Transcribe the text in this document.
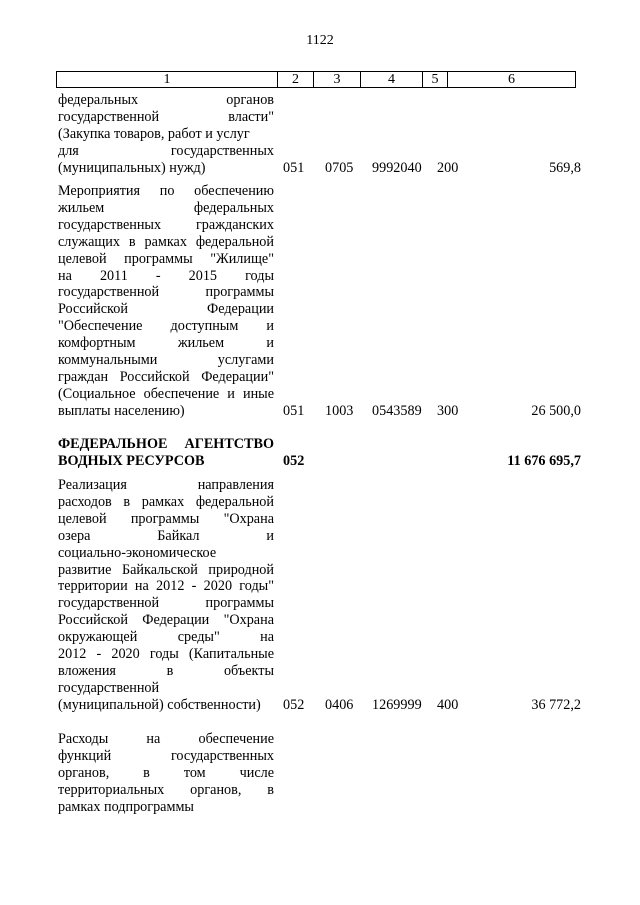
1122
1	2	3	4	5	6
федеральных органов
государственной власти"
(Закупка товаров, работ и услуг
для государственных
(муниципальных) нужд)	051 0705 9992040 200	569,8
Мероприятия по обеспечению
жильем федеральных
государственных гражданских
служащих в рамках федеральной
целевой программы "Жилище"
на 2011 - 2015 годы
государственной программы
Российской Федерации
"Обеспечение доступным и
комфортным жильем и
коммунальными услугами
граждан Российской Федерации"
(Социальное обеспечение и иные
выплаты населению)	051 1003 0543589 300	26 500,0
ФЕДЕРАЛЬНОЕ АГЕНТСТВО
ВОДНЫХ РЕСУРСОВ	052	11 676 695,7
Реализация направления
расходов в рамках федеральной
целевой программы "Охрана
озера Байкал и
социально-экономическое
развитие Байкальской природной
территории на 2012 - 2020 годы"
государственной программы
Российской Федерации "Охрана
окружающей среды" на
2012 - 2020 годы (Капитальные
вложения в объекты
государственной
(муниципальной) собственности)	052 0406 1269999 400	36 772,2
Расходы на обеспечение
функций государственных
органов, в том числе
территориальных органов, в
рамках подпрограммы
